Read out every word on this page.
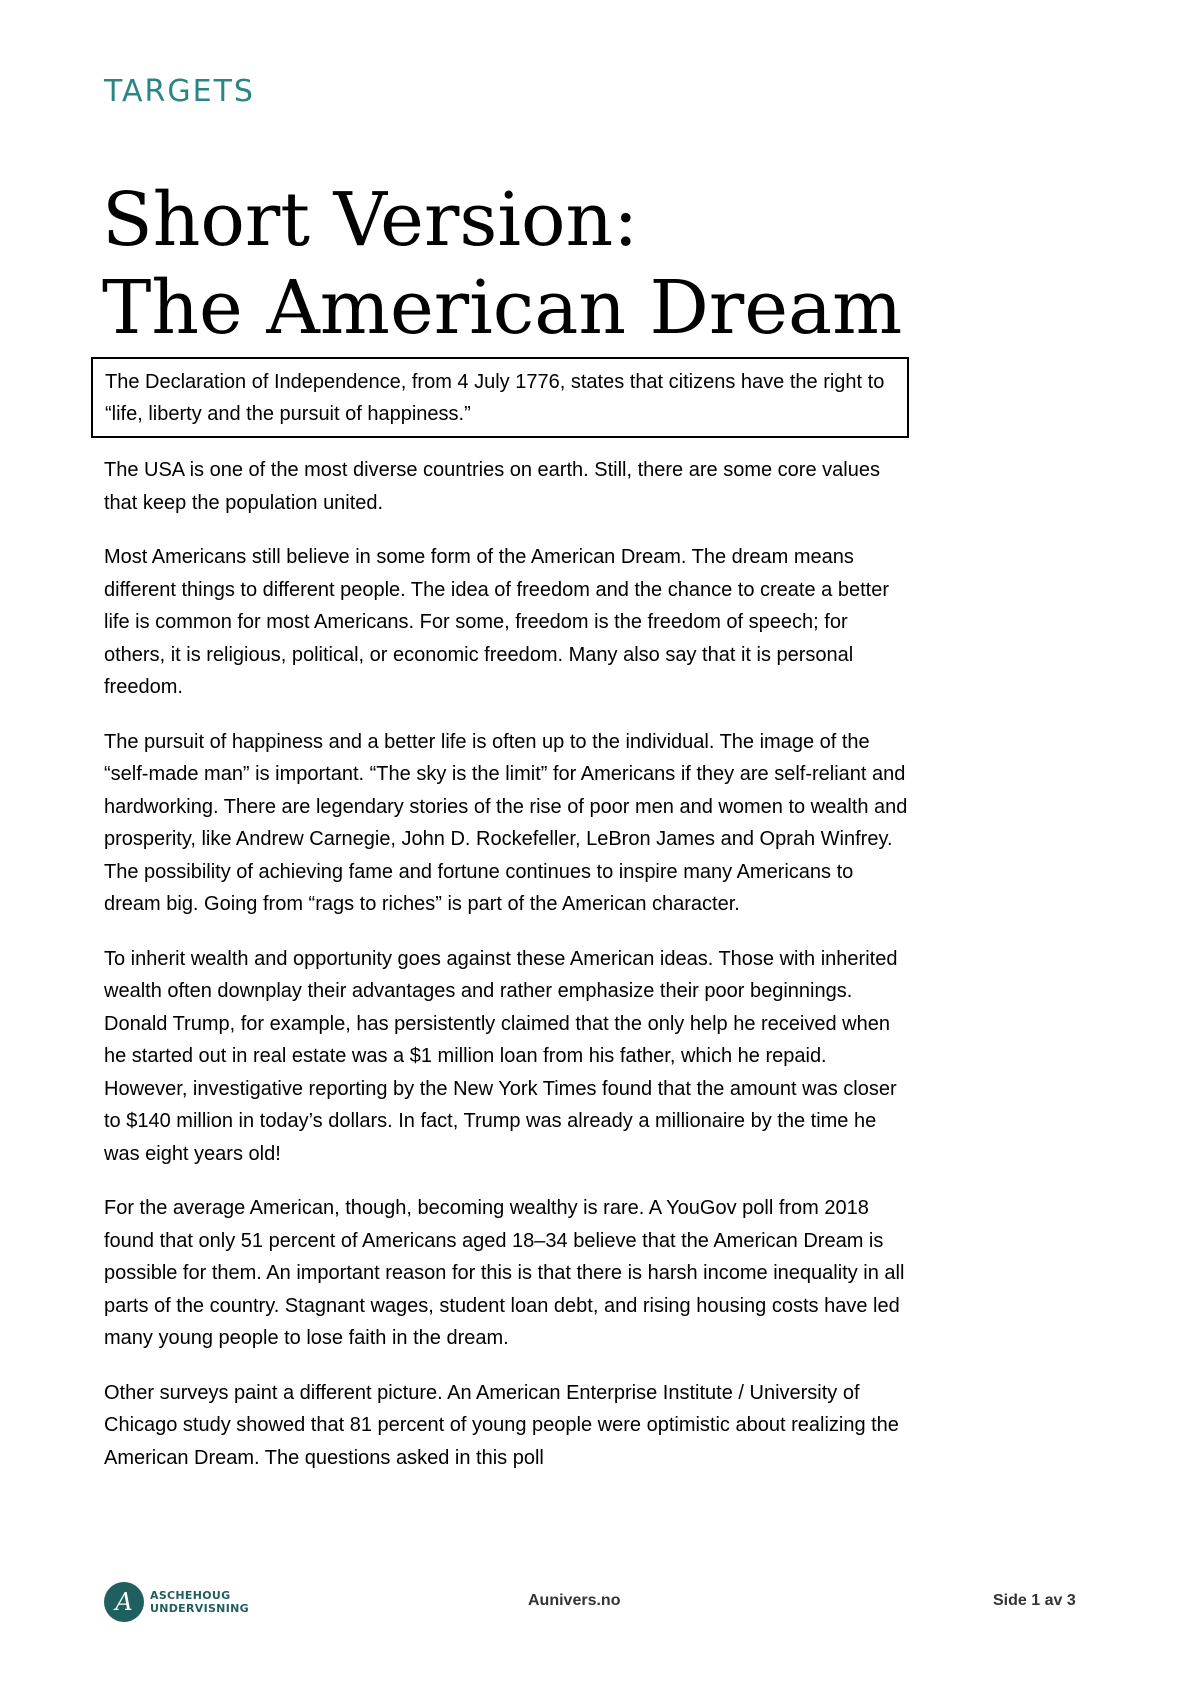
TARGETS
Short Version:
The American Dream
The Declaration of Independence, from 4 July 1776, states that citizens have the right to “life, liberty and the pursuit of happiness.”

The USA is one of the most diverse countries on earth. Still, there are some core values that keep the population united.

Most Americans still believe in some form of the American Dream. The dream means different things to different people. The idea of freedom and the chance to create a better life is common for most Americans. For some, freedom is the freedom of speech; for others, it is religious, political, or economic freedom. Many also say that it is personal freedom.

The pursuit of happiness and a better life is often up to the individual. The image of the “self-made man” is important. “The sky is the limit” for Americans if they are self-reliant and hardworking. There are legendary stories of the rise of poor men and women to wealth and prosperity, like Andrew Carnegie, John D. Rockefeller, LeBron James and Oprah Winfrey. The possibility of achieving fame and fortune continues to inspire many Americans to dream big. Going from “rags to riches” is part of the American character.

To inherit wealth and opportunity goes against these American ideas. Those with inherited wealth often downplay their advantages and rather emphasize their poor beginnings. Donald Trump, for example, has persistently claimed that the only help he received when he started out in real estate was a $1 million loan from his father, which he repaid. However, investigative reporting by the New York Times found that the amount was closer to $140 million in today’s dollars. In fact, Trump was already a millionaire by the time he was eight years old!

For the average American, though, becoming wealthy is rare. A YouGov poll from 2018 found that only 51 percent of Americans aged 18–34 believe that the American Dream is possible for them. An important reason for this is that there is harsh income inequality in all parts of the country. Stagnant wages, student loan debt, and rising housing costs have led many young people to lose faith in the dream.

Other surveys paint a different picture. An American Enterprise Institute / University of Chicago study showed that 81 percent of young people were optimistic about realizing the American Dream. The questions asked in this poll

A	ASCHEHOUG
UNDERVISNING	Aunivers.no	Side 1 av 3
